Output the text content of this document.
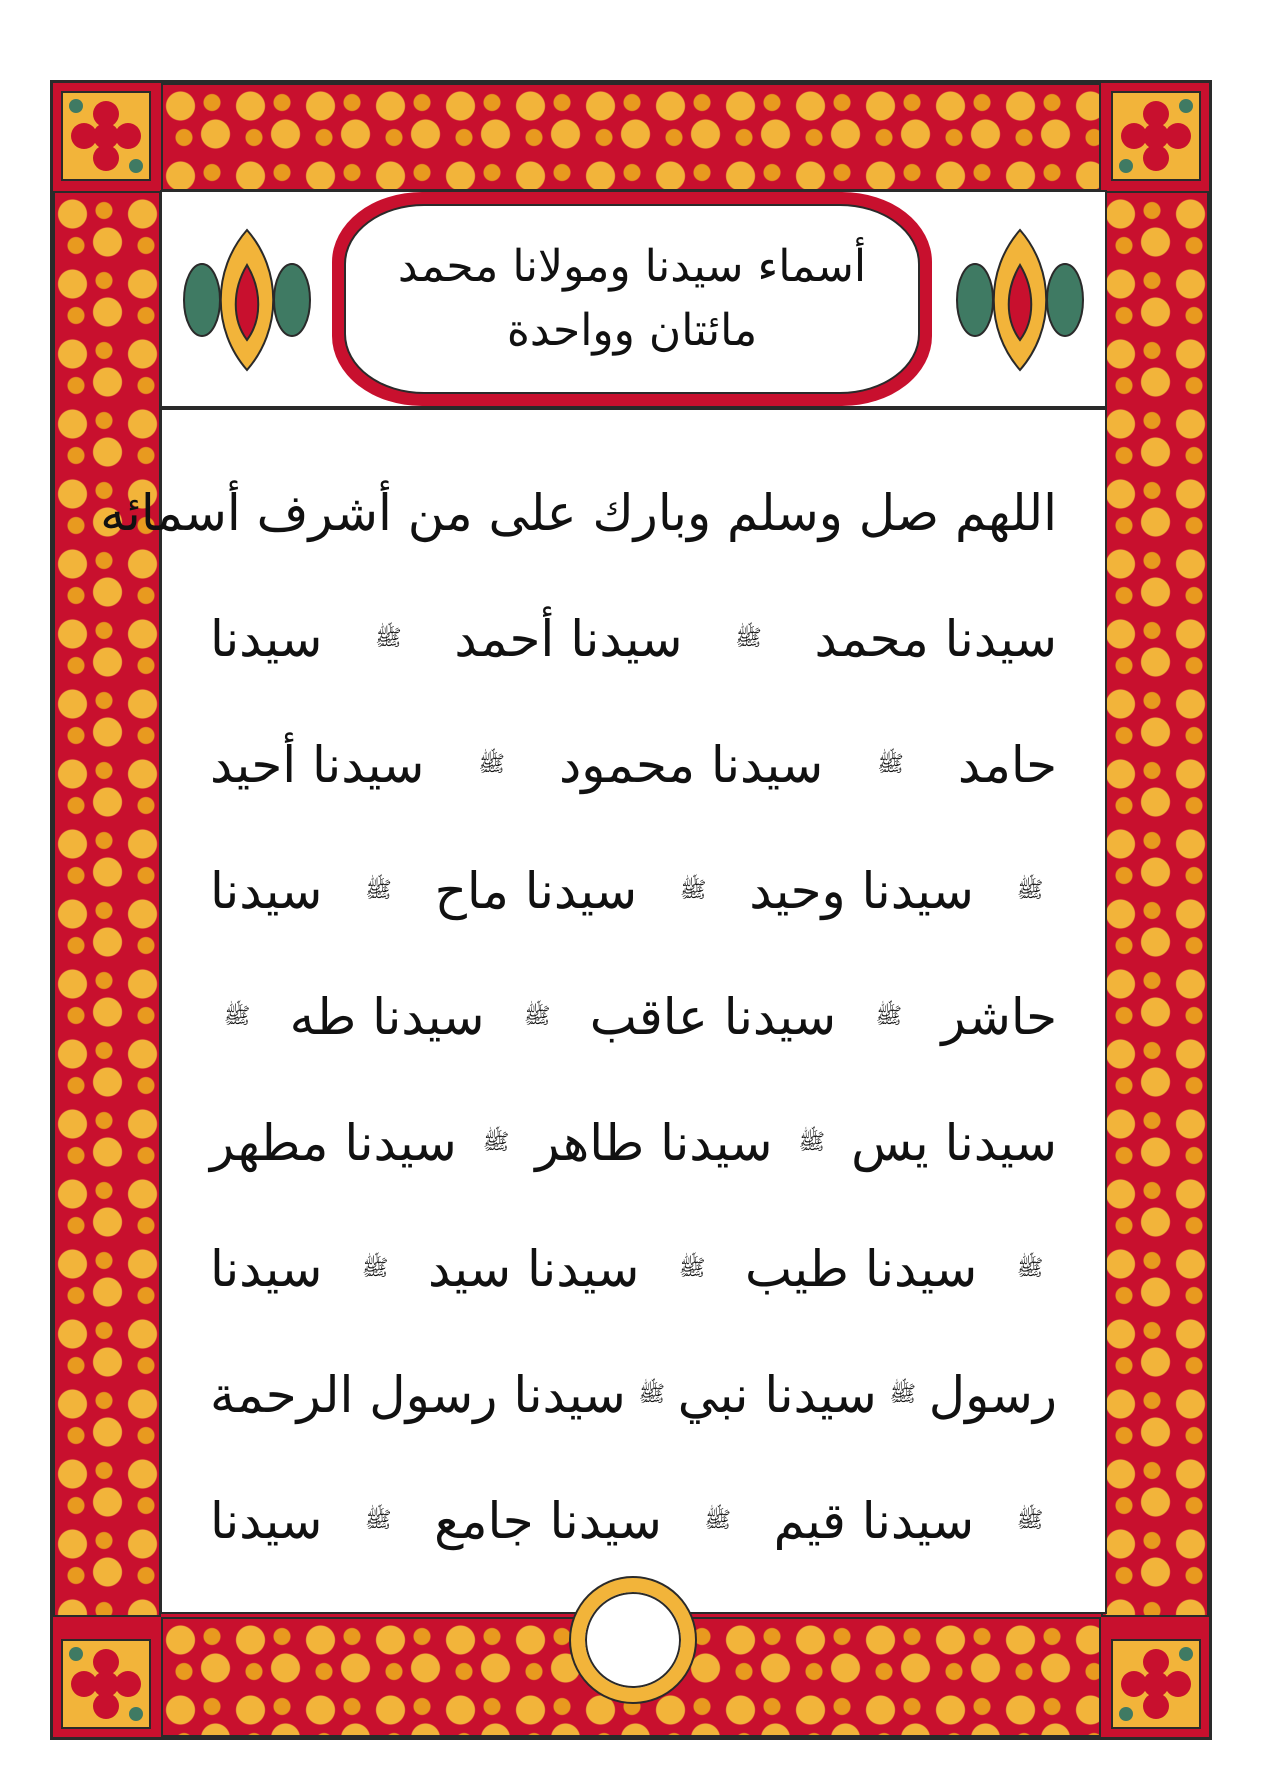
أسماء سيدنا ومولانا محمد
مائتان وواحدة
اللهم صل وسلم وبارك على من أشرف أسمائه
سيدنا محمد
ﷺ
سيدنا أحمد
ﷺ
سيدنا
حامد
ﷺ
سيدنا محمود
ﷺ
سيدنا أحيد
ﷺ
سيدنا وحيد
ﷺ
سيدنا ماح
ﷺ
سيدنا
حاشر
ﷺ
سيدنا عاقب
ﷺ
سيدنا طه
ﷺ
سيدنا يس
ﷺ
سيدنا طاهر
ﷺ
سيدنا مطهر
ﷺ
سيدنا طيب
ﷺ
سيدنا سيد
ﷺ
سيدنا
رسول
ﷺ
سيدنا نبي
ﷺ
سيدنا رسول الرحمة
ﷺ
سيدنا قيم
ﷺ
سيدنا جامع
ﷺ
سيدنا
